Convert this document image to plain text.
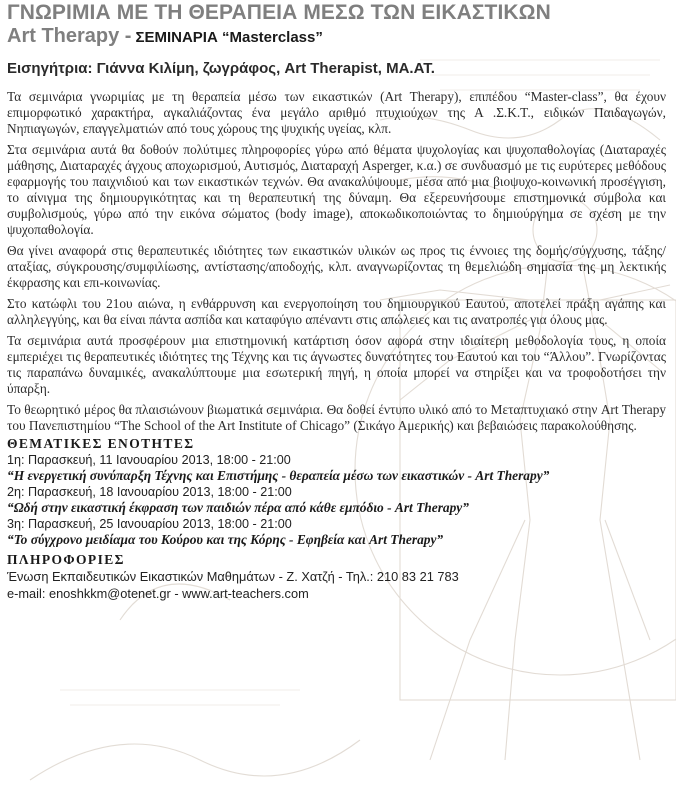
ΓΝΩΡΙΜΙΑ ΜΕ ΤΗ ΘΕΡΑΠΕΙΑ ΜΕΣΩ ΤΩΝ ΕΙΚΑΣΤΙΚΩΝ

Art Therapy - ΣΕΜΙΝΑΡΙΑ “Masterclass”

Εισηγήτρια: Γιάννα Κιλίμη, ζωγράφος, Art Therapist, MA.AT.

Τα σεμινάρια γνωριμίας με τη θεραπεία μέσω των εικαστικών (Art Therapy), επιπέδου “Master-class”, θα έχουν επιμορφωτικό χαρακτήρα, αγκαλιάζοντας ένα μεγάλο αριθμό πτυχιούχων της Α .Σ.Κ.Τ., ειδικών Παιδαγωγών, Νηπιαγωγών, επαγγελματιών από τους χώρους της ψυχικής υγείας, κλπ.

Στα σεμινάρια αυτά θα δοθούν πολύτιμες πληροφορίες γύρω από θέματα ψυχολογίας και ψυχοπαθολογίας (Διαταραχές μάθησης, Διαταραχές άγχους αποχωρισμού, Αυτισμός, Διαταραχή Asperger, κ.α.) σε συνδυασμό με τις ευρύτερες μεθόδους εφαρμογής του παιχνιδιού και των εικαστικών τεχνών. Θα ανακαλύψουμε, μέσα από μια βιοψυχο-κοινωνική προσέγγιση, το αίνιγμα της δημιουργικότητας και τη θεραπευτική της δύναμη. Θα εξερευνήσουμε επιστημονικά σύμβολα και συμβολισμούς, γύρω από την εικόνα σώματος (body image), αποκωδικοποιώντας το δημιούργημα σε σχέση με την ψυχοπαθολογία.

Θα γίνει αναφορά στις θεραπευτικές ιδιότητες των εικαστικών υλικών ως προς τις έννοιες της δομής/σύγχυσης, τάξης/αταξίας, σύγκρουσης/συμφιλίωσης, αντίστασης/αποδοχής, κλπ. αναγνωρίζοντας τη θεμελιώδη σημασία της μη λεκτικής έκφρασης και επι-κοινωνίας.

Στο κατώφλι του 21ου αιώνα, η ενθάρρυνση και ενεργοποίηση του δημιουργικού Εαυτού, αποτελεί πράξη αγάπης και αλληλεγγύης, και θα είναι πάντα ασπίδα και καταφύγιο απέναντι στις απώλειες και τις ανατροπές για όλους μας.

Τα σεμινάρια αυτά προσφέρουν μια επιστημονική κατάρτιση όσον αφορά στην ιδιαίτερη μεθοδολογία τους, η οποία εμπεριέχει τις θεραπευτικές ιδιότητες της Τέχνης και τις άγνωστες δυνατότητες του Εαυτού και του “Άλλου”. Γνωρίζοντας τις παραπάνω δυναμικές, ανακαλύπτουμε μια εσωτερική πηγή, η οποία μπορεί να στηρίξει και να τροφοδοτήσει την ύπαρξη.

Το θεωρητικό μέρος θα πλαισιώνουν βιωματικά σεμινάρια. Θα δοθεί έντυπο υλικό από το Μεταπτυχιακό στην Art Therapy του Πανεπιστημίου “The School of the Art Institute of Chicago” (Σικάγο Αμερικής) και βεβαιώσεις παρακολούθησης.

ΘΕΜΑΤΙΚΕΣ ΕΝΟΤΗΤΕΣ

1η: Παρασκευή, 11 Ιανουαρίου 2013, 18:00 - 21:00

“Η ενεργετική συνύπαρξη Τέχνης και Επιστήμης - θεραπεία μέσω των εικαστικών - Art Therapy”

2η: Παρασκευή, 18 Ιανουαρίου 2013, 18:00 - 21:00

“Ωδή στην εικαστική έκφραση των παιδιών πέρα από κάθε εμπόδιο - Art Therapy”

3η: Παρασκευή, 25 Ιανουαρίου 2013, 18:00 - 21:00

“Το σύγχρονο μειδίαμα του Κούρου και της Κόρης - Εφηβεία και Art Therapy”

ΠΛΗΡΟΦΟΡΙΕΣ

Ένωση Εκπαιδευτικών Εικαστικών Μαθημάτων - Ζ. Χατζή - Τηλ.: 210 83 21 783

e-mail: enoshkkm@otenet.gr - www.art-teachers.com
